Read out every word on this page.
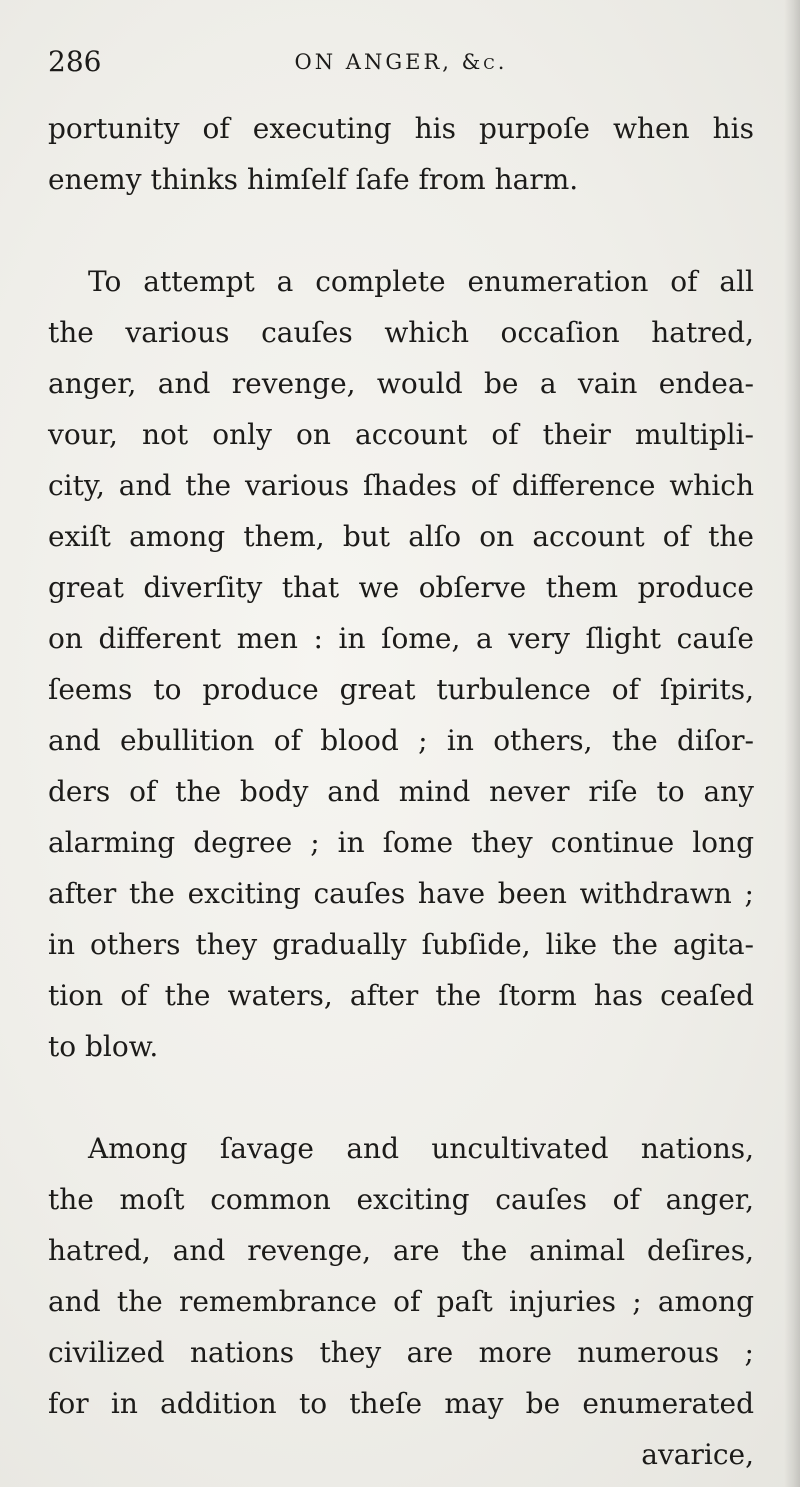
286	ON ANGER, &c.
portunity of executing his purpoſe when his
enemy thinks himſelf ſafe from harm.
To attempt a complete enumeration of all
the various cauſes which occaſion hatred,
anger, and revenge, would be a vain endea-
vour, not only on account of their multipli-
city, and the various ſhades of difference which
exiſt among them, but alſo on account of the
great diverſity that we obſerve them produce
on different men : in ſome, a very ſlight cauſe
ſeems to produce great turbulence of ſpirits,
and ebullition of blood ; in others, the diſor-
ders of the body and mind never riſe to any
alarming degree ; in ſome they continue long
after the exciting cauſes have been withdrawn ;
in others they gradually ſubſide, like the agita-
tion of the waters, after the ſtorm has ceaſed
to blow.
Among ſavage and uncultivated nations,
the moſt common exciting cauſes of anger,
hatred, and revenge, are the animal deſires,
and the remembrance of paſt injuries ; among
civilized nations they are more numerous ;
for in addition to theſe may be enumerated
avarice,
